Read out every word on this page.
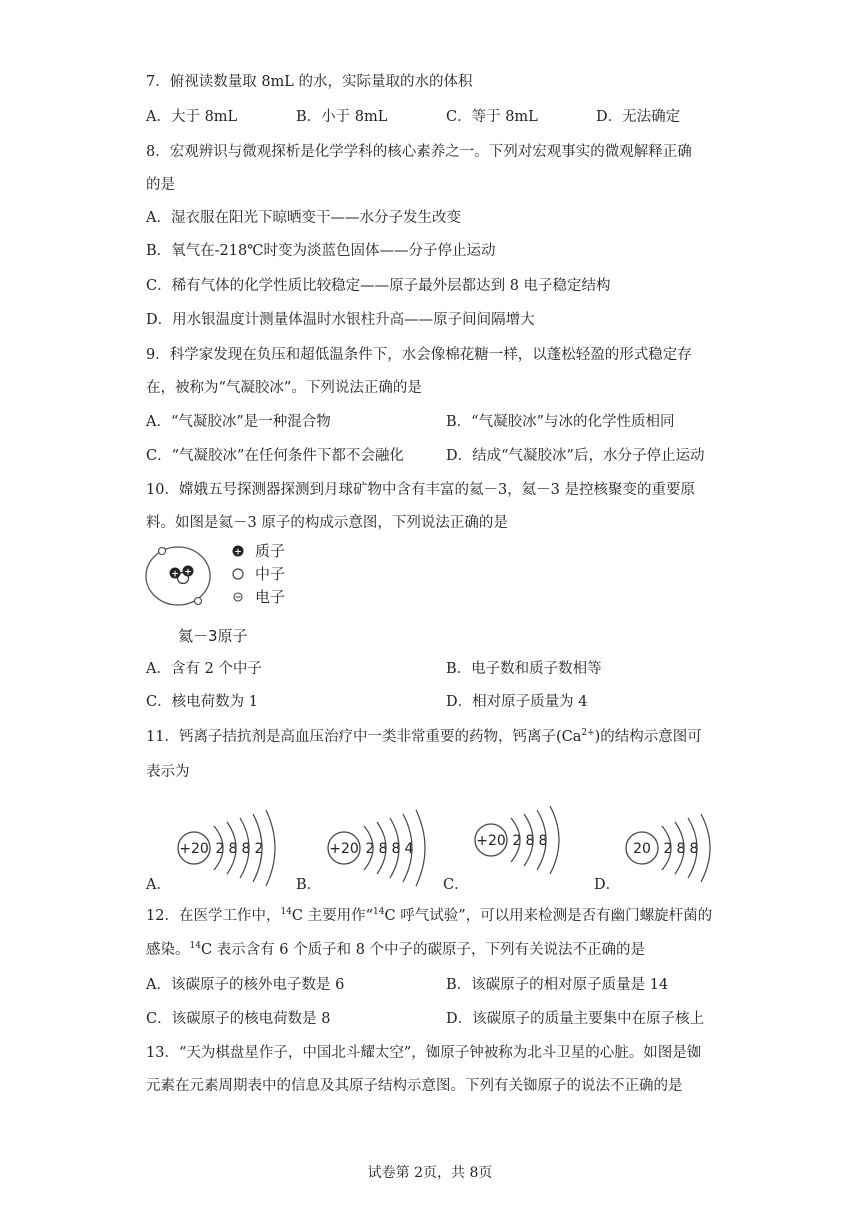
7．俯视读数量取 8mL 的水，实际量取的水的体积
A．大于 8mL	B．小于 8mL	C．等于 8mL	D．无法确定
8．宏观辨识与微观探析是化学学科的核心素养之一。下列对宏观事实的微观解释正确
的是
A．湿衣服在阳光下晾晒变干——水分子发生改变
B．氧气在-218℃时变为淡蓝色固体——分子停止运动
C．稀有气体的化学性质比较稳定——原子最外层都达到 8 电子稳定结构
D．用水银温度计测量体温时水银柱升高——原子间间隔增大
9．科学家发现在负压和超低温条件下，水会像棉花糖一样，以蓬松轻盈的形式稳定存
在，被称为“气凝胶冰”。下列说法正确的是
A．“气凝胶冰”是一种混合物	B．“气凝胶冰”与冰的化学性质相同
C．“气凝胶冰”在任何条件下都不会融化	D．结成“气凝胶冰”后，水分子停止运动
10．嫦娥五号探测器探测到月球矿物中含有丰富的氦－3，氦－3 是控核聚变的重要原
料。如图是氦－3 原子的构成示意图，下列说法正确的是
+ +
+ 质子
中子
电子
氦－3原子
A．含有 2 个中子	B．电子数和质子数相等
C．核电荷数为 1	D．相对原子质量为 4
11．钙离子拮抗剂是高血压治疗中一类非常重要的药物，钙离子$(Ca^{2+})$的结构示意图可
表示为
A．
+20 2 8 8 2
B．
+20 2 8 8 4
C．
+20 2 8 8
D．
20 2 8 8
12．在医学工作中，$^{14}$C 主要用作“$^{14}$C 呼气试验”，可以用来检测是否有幽门螺旋杆菌的
感染。$^{14}$C 表示含有 6 个质子和 8 个中子的碳原子，下列有关说法不正确的是
A．该碳原子的核外电子数是 6	B．该碳原子的相对原子质量是 14
C．该碳原子的核电荷数是 8	D．该碳原子的质量主要集中在原子核上
13．“天为棋盘星作子，中国北斗耀太空”，铷原子钟被称为北斗卫星的心脏。如图是铷
元素在元素周期表中的信息及其原子结构示意图。下列有关铷原子的说法不正确的是
试卷第 2页，共 8页
